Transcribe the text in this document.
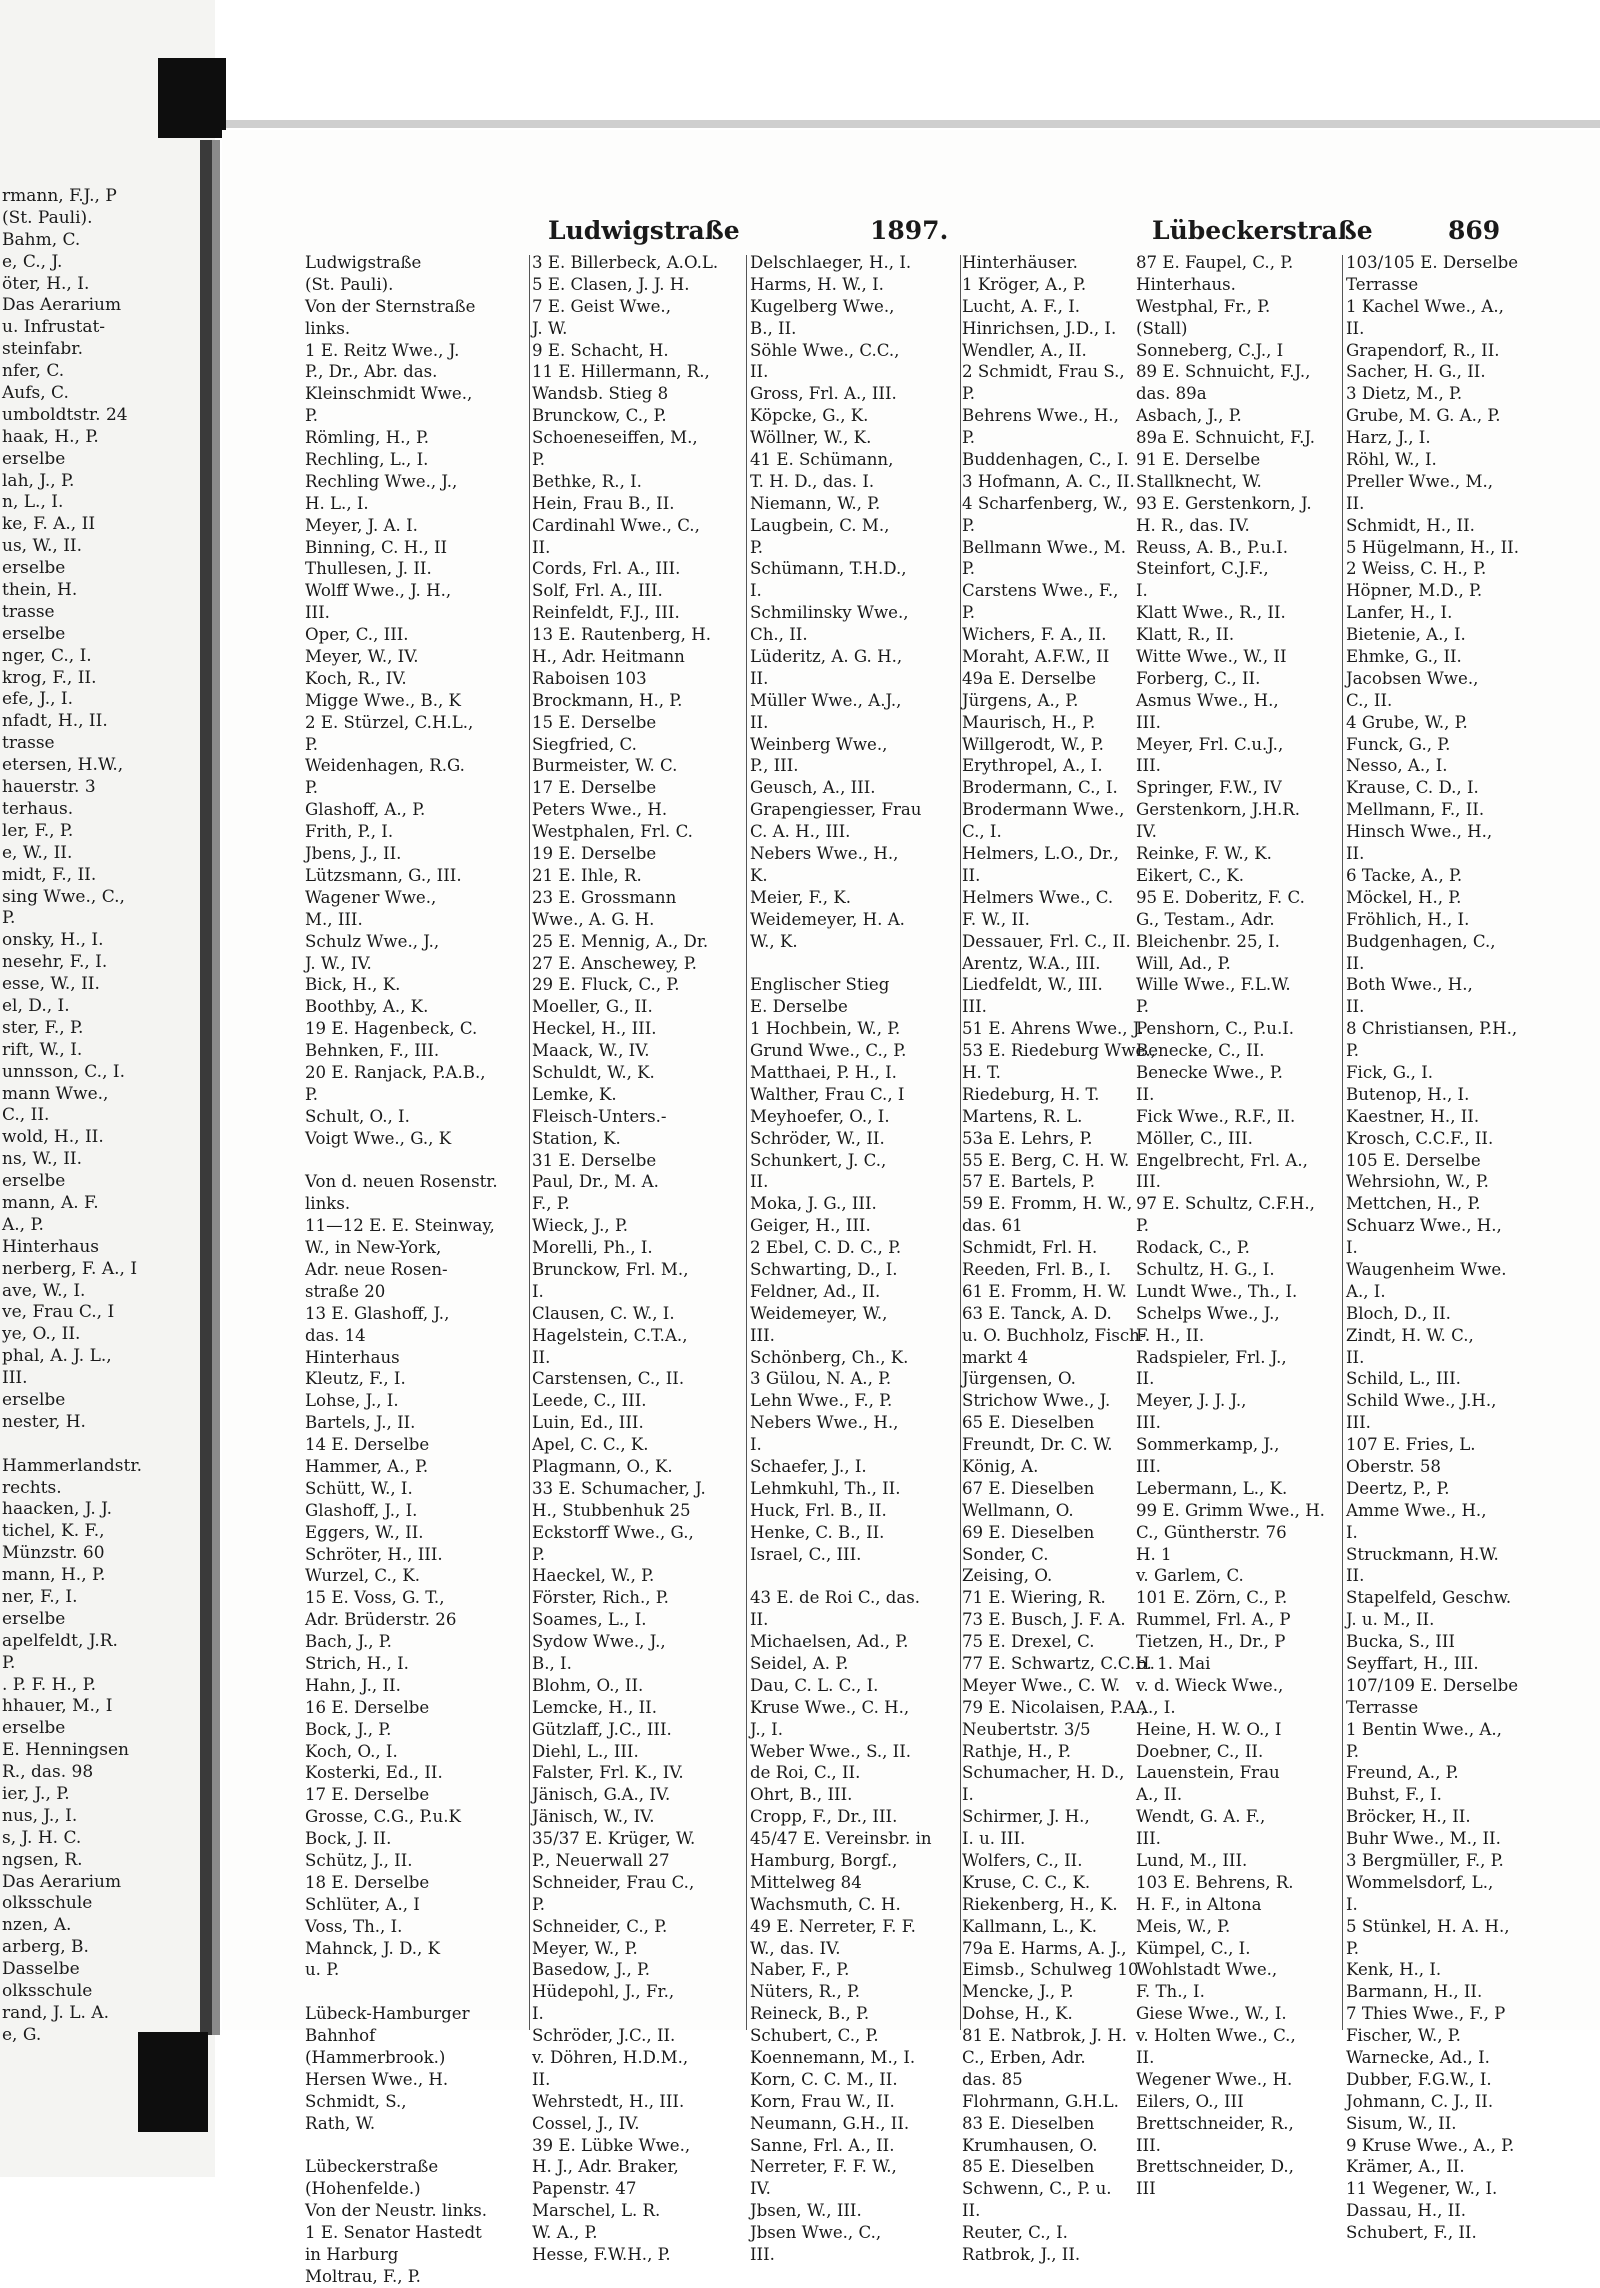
rmann, F.J., P
(St. Pauli).
Bahm, C.
e, C., J.
öter, H., I.
Das Aerarium
u. Infrustat-
steinfabr.
nfer, C.
Aufs, C.
umboldtstr. 24
haak, H., P.
erselbe
lah, J., P.
n, L., I.
ke, F. A., II
us, W., II.
erselbe
thein, H.
trasse
erselbe
nger, C., I.
krog, F., II.
efe, J., I.
nfadt, H., II.
trasse
etersen, H.W.,
hauerstr. 3
terhaus.
ler, F., P.
e, W., II.
midt, F., II.
sing Wwe., C.,
P.
onsky, H., I.
nesehr, F., I.
esse, W., II.
el, D., I.
ster, F., P.
rift, W., I.
unnsson, C., I.
mann Wwe.,
C., II.
wold, H., II.
ns, W., II.
erselbe
mann, A. F.
A., P.
Hinterhaus
nerberg, F. A., I
ave, W., I.
ve, Frau C., I
ye, O., II.
phal, A. J. L.,
III.
erselbe
nester, H.
Hammerlandstr.
rechts.
haacken, J. J.
tichel, K. F.,
Münzstr. 60
mann, H., P.
ner, F., I.
erselbe
apelfeldt, J.R.
P.
. P. F. H., P.
hhauer, M., I
erselbe
E. Henningsen
R., das. 98
ier, J., P.
nus, J., I.
s, J. H. C.
ngsen, R.
Das Aerarium
olksschule
nzen, A.
arberg, B.
Dasselbe
olksschule
rand, J. L. A.
e, G.
Ludwigstraße	1897.	Lübeckerstraße	869
Ludwigstraße
(St. Pauli).
Von der Sternstraße
links.
1 E. Reitz Wwe., J.
P., Dr., Abr. das.
Kleinschmidt Wwe.,
P.
Römling, H., P.
Rechling, L., I.
Rechling Wwe., J.,
H. L., I.
Meyer, J. A. I.
Binning, C. H., II
Thullesen, J. II.
Wolff Wwe., J. H.,
III.
Oper, C., III.
Meyer, W., IV.
Koch, R., IV.
Migge Wwe., B., K
2 E. Stürzel, C.H.L.,
P.
Weidenhagen, R.G.
P.
Glashoff, A., P.
Frith, P., I.
Jbens, J., II.
Lützsmann, G., III.
Wagener Wwe.,
M., III.
Schulz Wwe., J.,
J. W., IV.
Bick, H., K.
Boothby, A., K.
19 E. Hagenbeck, C.
Behnken, F., III.
20 E. Ranjack, P.A.B.,
P.
Schult, O., I.
Voigt Wwe., G., K
Von d. neuen Rosenstr.
links.
11—12 E. E. Steinway,
W., in New-York,
Adr. neue Rosen-
straße 20
13 E. Glashoff, J.,
das. 14
Hinterhaus
Kleutz, F., I.
Lohse, J., I.
Bartels, J., II.
14 E. Derselbe
Hammer, A., P.
Schütt, W., I.
Glashoff, J., I.
Eggers, W., II.
Schröter, H., III.
Wurzel, C., K.
15 E. Voss, G. T.,
Adr. Brüderstr. 26
Bach, J., P.
Strich, H., I.
Hahn, J., II.
16 E. Derselbe
Bock, J., P.
Koch, O., I.
Kosterki, Ed., II.
17 E. Derselbe
Grosse, C.G., P.u.K
Bock, J. II.
Schütz, J., II.
18 E. Derselbe
Schlüter, A., I
Voss, Th., I.
Mahnck, J. D., K
u. P.
Lübeck-Hamburger
Bahnhof
(Hammerbrook.)
Hersen Wwe., H.
Schmidt, S.,
Rath, W.
Lübeckerstraße
(Hohenfelde.)
Von der Neustr. links.
1 E. Senator Hastedt
in Harburg
Moltrau, F., P.
3 E. Billerbeck, A.O.L.
5 E. Clasen, J. J. H.
7 E. Geist Wwe.,
J. W.
9 E. Schacht, H.
11 E. Hillermann, R.,
Wandsb. Stieg 8
Brunckow, C., P.
Schoeneseiffen, M.,
P.
Bethke, R., I.
Hein, Frau B., II.
Cardinahl Wwe., C.,
II.
Cords, Frl. A., III.
Solf, Frl. A., III.
Reinfeldt, F.J., III.
13 E. Rautenberg, H.
H., Adr. Heitmann
Raboisen 103
Brockmann, H., P.
15 E. Derselbe
Siegfried, C.
Burmeister, W. C.
17 E. Derselbe
Peters Wwe., H.
Westphalen, Frl. C.
19 E. Derselbe
21 E. Ihle, R.
23 E. Grossmann
Wwe., A. G. H.
25 E. Mennig, A., Dr.
27 E. Anschewey, P.
29 E. Fluck, C., P.
Moeller, G., II.
Heckel, H., III.
Maack, W., IV.
Schuldt, W., K.
Lemke, K.
Fleisch-Unters.-
Station, K.
31 E. Derselbe
Paul, Dr., M. A.
F., P.
Wieck, J., P.
Morelli, Ph., I.
Brunckow, Frl. M.,
I.
Clausen, C. W., I.
Hagelstein, C.T.A.,
II.
Carstensen, C., II.
Leede, C., III.
Luin, Ed., III.
Apel, C. C., K.
Plagmann, O., K.
33 E. Schumacher, J.
H., Stubbenhuk 25
Eckstorff Wwe., G.,
P.
Haeckel, W., P.
Förster, Rich., P.
Soames, L., I.
Sydow Wwe., J.,
B., I.
Blohm, O., II.
Lemcke, H., II.
Gützlaff, J.C., III.
Diehl, L., III.
Falster, Frl. K., IV.
Jänisch, G.A., IV.
Jänisch, W., IV.
35/37 E. Krüger, W.
P., Neuerwall 27
Schneider, Frau C.,
P.
Schneider, C., P.
Meyer, W., P.
Basedow, J., P.
Hüdepohl, J., Fr.,
I.
Schröder, J.C., II.
v. Döhren, H.D.M.,
II.
Wehrstedt, H., III.
Cossel, J., IV.
39 E. Lübke Wwe.,
H. J., Adr. Braker,
Papenstr. 47
Marschel, L. R.
W. A., P.
Hesse, F.W.H., P.
Delschlaeger, H., I.
Harms, H. W., I.
Kugelberg Wwe.,
B., II.
Söhle Wwe., C.C.,
II.
Gross, Frl. A., III.
Köpcke, G., K.
Wöllner, W., K.
41 E. Schümann,
T. H. D., das. I.
Niemann, W., P.
Laugbein, C. M.,
P.
Schümann, T.H.D.,
I.
Schmilinsky Wwe.,
Ch., II.
Lüderitz, A. G. H.,
II.
Müller Wwe., A.J.,
II.
Weinberg Wwe.,
P., III.
Geusch, A., III.
Grapengiesser, Frau
C. A. H., III.
Nebers Wwe., H.,
K.
Meier, F., K.
Weidemeyer, H. A.
W., K.
Englischer Stieg
E. Derselbe
1 Hochbein, W., P.
Grund Wwe., C., P.
Matthaei, P. H., I.
Walther, Frau C., I
Meyhoefer, O., I.
Schröder, W., II.
Schunkert, J. C.,
II.
Moka, J. G., III.
Geiger, H., III.
2 Ebel, C. D. C., P.
Schwarting, D., I.
Feldner, Ad., II.
Weidemeyer, W.,
III.
Schönberg, Ch., K.
3 Gülou, N. A., P.
Lehn Wwe., F., P.
Nebers Wwe., H.,
I.
Schaefer, J., I.
Lehmkuhl, Th., II.
Huck, Frl. B., II.
Henke, C. B., II.
Israel, C., III.
43 E. de Roi C., das.
II.
Michaelsen, Ad., P.
Seidel, A. P.
Dau, C. L. C., I.
Kruse Wwe., C. H.,
J., I.
Weber Wwe., S., II.
de Roi, C., II.
Ohrt, B., III.
Cropp, F., Dr., III.
45/47 E. Vereinsbr. in
Hamburg, Borgf.,
Mittelweg 84
Wachsmuth, C. H.
49 E. Nerreter, F. F.
W., das. IV.
Naber, F., P.
Nüters, R., P.
Reineck, B., P.
Schubert, C., P.
Koennemann, M., I.
Korn, C. C. M., II.
Korn, Frau W., II.
Neumann, G.H., II.
Sanne, Frl. A., II.
Nerreter, F. F. W.,
IV.
Jbsen, W., III.
Jbsen Wwe., C.,
III.
Hinterhäuser.
1 Kröger, A., P.
Lucht, A. F., I.
Hinrichsen, J.D., I.
Wendler, A., II.
2 Schmidt, Frau S.,
P.
Behrens Wwe., H.,
P.
Buddenhagen, C., I.
3 Hofmann, A. C., II.
4 Scharfenberg, W.,
P.
Bellmann Wwe., M.
P.
Carstens Wwe., F.,
P.
Wichers, F. A., II.
Moraht, A.F.W., II
49a E. Derselbe
Jürgens, A., P.
Maurisch, H., P.
Willgerodt, W., P.
Erythropel, A., I.
Brodermann, C., I.
Brodermann Wwe.,
C., I.
Helmers, L.O., Dr.,
II.
Helmers Wwe., C.
F. W., II.
Dessauer, Frl. C., II.
Arentz, W.A., III.
Liedfeldt, W., III.
III.
51 E. Ahrens Wwe., J.
53 E. Riedeburg Wwe.,
H. T.
Riedeburg, H. T.
Martens, R. L.
53a E. Lehrs, P.
55 E. Berg, C. H. W.
57 E. Bartels, P.
59 E. Fromm, H. W.,
das. 61
Schmidt, Frl. H.
Reeden, Frl. B., I.
61 E. Fromm, H. W.
63 E. Tanck, A. D.
u. O. Buchholz, Fisch-
markt 4
Jürgensen, O.
Strichow Wwe., J.
65 E. Dieselben
Freundt, Dr. C. W.
König, A.
67 E. Dieselben
Wellmann, O.
69 E. Dieselben
Sonder, C.
Zeising, O.
71 E. Wiering, R.
73 E. Busch, J. F. A.
75 E. Drexel, C.
77 E. Schwartz, C.C.H.
Meyer Wwe., C. W.
79 E. Nicolaisen, P.A.,
Neubertstr. 3/5
Rathje, H., P.
Schumacher, H. D.,
I.
Schirmer, J. H.,
I. u. III.
Wolfers, C., II.
Kruse, C. C., K.
Riekenberg, H., K.
Kallmann, L., K.
79a E. Harms, A. J.,
Eimsb., Schulweg 10
Mencke, J., P.
Dohse, H., K.
81 E. Natbrok, J. H.
C., Erben, Adr.
das. 85
Flohrmann, G.H.L.
83 E. Dieselben
Krumhausen, O.
85 E. Dieselben
Schwenn, C., P. u.
II.
Reuter, C., I.
Ratbrok, J., II.
87 E. Faupel, C., P.
Hinterhaus.
Westphal, Fr., P.
(Stall)
Sonneberg, C.J., I
89 E. Schnuicht, F.J.,
das. 89a
Asbach, J., P.
89a E. Schnuicht, F.J.
91 E. Derselbe
Stallknecht, W.
93 E. Gerstenkorn, J.
H. R., das. IV.
Reuss, A. B., P.u.I.
Steinfort, C.J.F.,
I.
Klatt Wwe., R., II.
Klatt, R., II.
Witte Wwe., W., II
Forberg, C., II.
Asmus Wwe., H.,
III.
Meyer, Frl. C.u.J.,
III.
Springer, F.W., IV
Gerstenkorn, J.H.R.
IV.
Reinke, F. W., K.
Eikert, C., K.
95 E. Doberitz, F. C.
G., Testam., Adr.
Bleichenbr. 25, I.
Will, Ad., P.
Wille Wwe., F.L.W.
P.
Penshorn, C., P.u.I.
Benecke, C., II.
Benecke Wwe., P.
II.
Fick Wwe., R.F., II.
Möller, C., III.
Engelbrecht, Frl. A.,
III.
97 E. Schultz, C.F.H.,
P.
Rodack, C., P.
Schultz, H. G., I.
Lundt Wwe., Th., I.
Schelps Wwe., J.,
F. H., II.
Radspieler, Frl. J.,
II.
Meyer, J. J. J.,
III.
Sommerkamp, J.,
III.
Lebermann, L., K.
99 E. Grimm Wwe., H.
C., Güntherstr. 76
H. 1
v. Garlem, C.
101 E. Zörn, C., P.
Rummel, Frl. A., P
Tietzen, H., Dr., P
b. 1. Mai
v. d. Wieck Wwe.,
A., I.
Heine, H. W. O., I
Doebner, C., II.
Lauenstein, Frau
A., II.
Wendt, G. A. F.,
III.
Lund, M., III.
103 E. Behrens, R.
H. F., in Altona
Meis, W., P.
Kümpel, C., I.
Wohlstadt Wwe.,
F. Th., I.
Giese Wwe., W., I.
v. Holten Wwe., C.,
II.
Wegener Wwe., H.
Eilers, O., III
Brettschneider, R.,
III.
Brettschneider, D.,
III
103/105 E. Derselbe
Terrasse
1 Kachel Wwe., A.,
II.
Grapendorf, R., II.
Sacher, H. G., II.
3 Dietz, M., P.
Grube, M. G. A., P.
Harz, J., I.
Röhl, W., I.
Preller Wwe., M.,
II.
Schmidt, H., II.
5 Hügelmann, H., II.
2 Weiss, C. H., P.
Höpner, M.D., P.
Lanfer, H., I.
Bietenie, A., I.
Ehmke, G., II.
Jacobsen Wwe.,
C., II.
4 Grube, W., P.
Funck, G., P.
Nesso, A., I.
Krause, C. D., I.
Mellmann, F., II.
Hinsch Wwe., H.,
II.
6 Tacke, A., P.
Möckel, H., P.
Fröhlich, H., I.
Budgenhagen, C.,
II.
Both Wwe., H.,
II.
8 Christiansen, P.H.,
P.
Fick, G., I.
Butenop, H., I.
Kaestner, H., II.
Krosch, C.C.F., II.
105 E. Derselbe
Wehrsiohn, W., P.
Mettchen, H., P.
Schuarz Wwe., H.,
I.
Waugenheim Wwe.
A., I.
Bloch, D., II.
Zindt, H. W. C.,
II.
Schild, L., III.
Schild Wwe., J.H.,
III.
107 E. Fries, L.
Oberstr. 58
Deertz, P., P.
Amme Wwe., H.,
I.
Struckmann, H.W.
II.
Stapelfeld, Geschw.
J. u. M., II.
Bucka, S., III
Seyffart, H., III.
107/109 E. Derselbe
Terrasse
1 Bentin Wwe., A.,
P.
Freund, A., P.
Buhst, F., I.
Bröcker, H., II.
Buhr Wwe., M., II.
3 Bergmüller, F., P.
Wommelsdorf, L.,
I.
5 Stünkel, H. A. H.,
P.
Kenk, H., I.
Barmann, H., II.
7 Thies Wwe., F., P
Fischer, W., P.
Warnecke, Ad., I.
Dubber, F.G.W., I.
Johmann, C. J., II.
Sisum, W., II.
9 Kruse Wwe., A., P.
Krämer, A., II.
11 Wegener, W., I.
Dassau, H., II.
Schubert, F., II.
